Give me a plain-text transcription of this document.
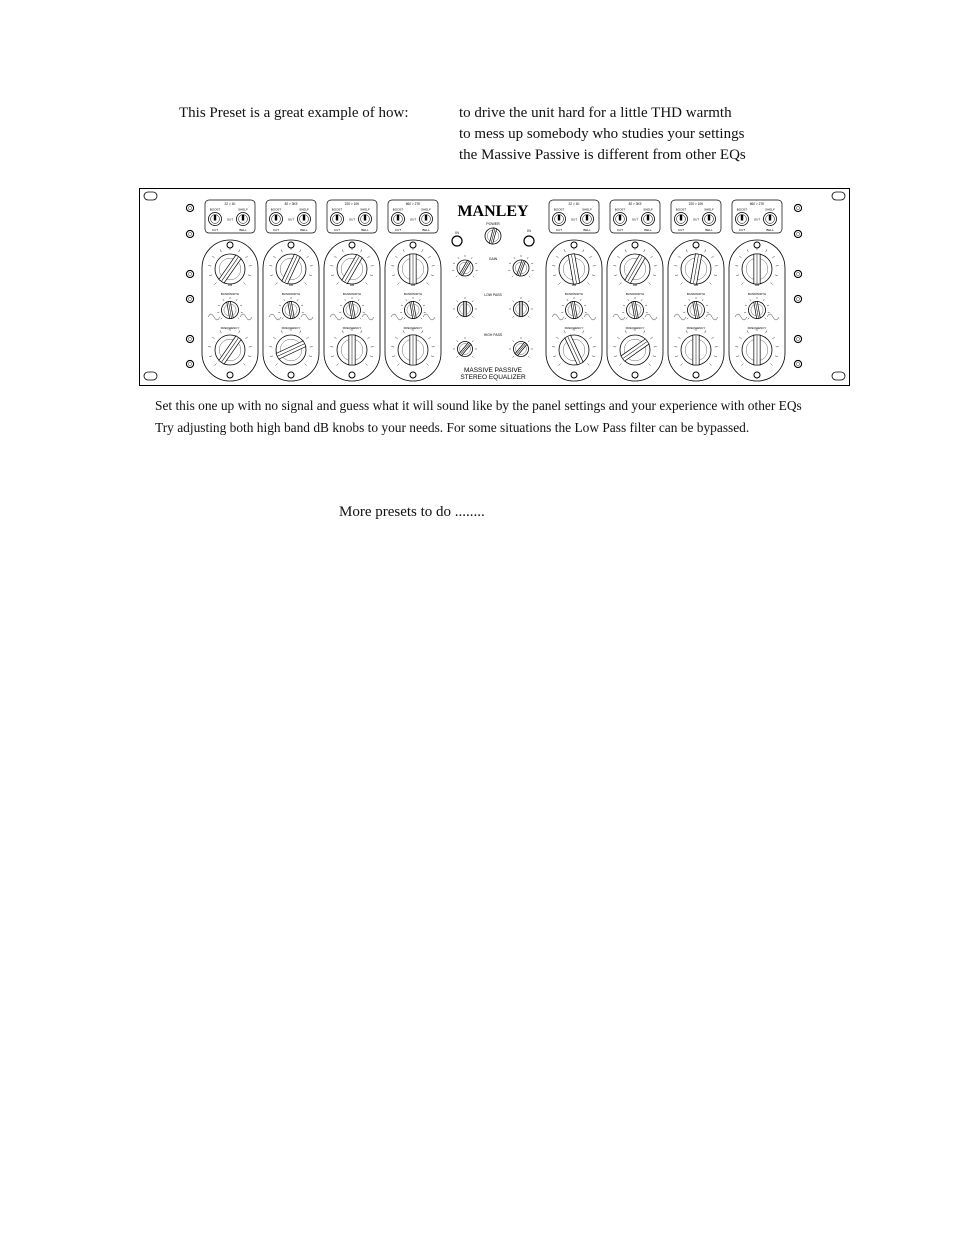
This Preset is a great example of how:	to drive the unit hard for a little THD warmth
to mess up somebody who studies your settings
the Massive Passive is different from other EQs
22 > 1K
BOOST	SHELF
CUT	BELL
OUT
DB
BANDWIDTH
FREQUENCY
82 > 3K9
BOOST	SHELF
CUT	BELL
OUT
DB
BANDWIDTH
FREQUENCY
220 > 10K
BOOST	SHELF
CUT	BELL
OUT
DB
BANDWIDTH
FREQUENCY
560 > 27K
BOOST	SHELF
CUT	BELL
OUT
DB
BANDWIDTH
FREQUENCY
22 > 1K
BOOST	SHELF
CUT	BELL
OUT
DB
BANDWIDTH
FREQUENCY
82 > 3K9
BOOST	SHELF
CUT	BELL
OUT
DB
BANDWIDTH
FREQUENCY
220 > 10K
BOOST	SHELF
CUT	BELL
OUT
DB
BANDWIDTH
FREQUENCY
560 > 27K
BOOST	SHELF
CUT	BELL
OUT
DB
BANDWIDTH
FREQUENCY
MANLEY
POWER
IN	IN
GAIN
LOW PASS
HIGH PASS
MASSIVE PASSIVE
STEREO EQUALIZER
Set this one up with no signal and guess what it will sound like by the panel settings and your experience with other EQs
Try adjusting both high band dB knobs to your needs. For some situations the Low Pass filter can be bypassed.
More presets to do ........
